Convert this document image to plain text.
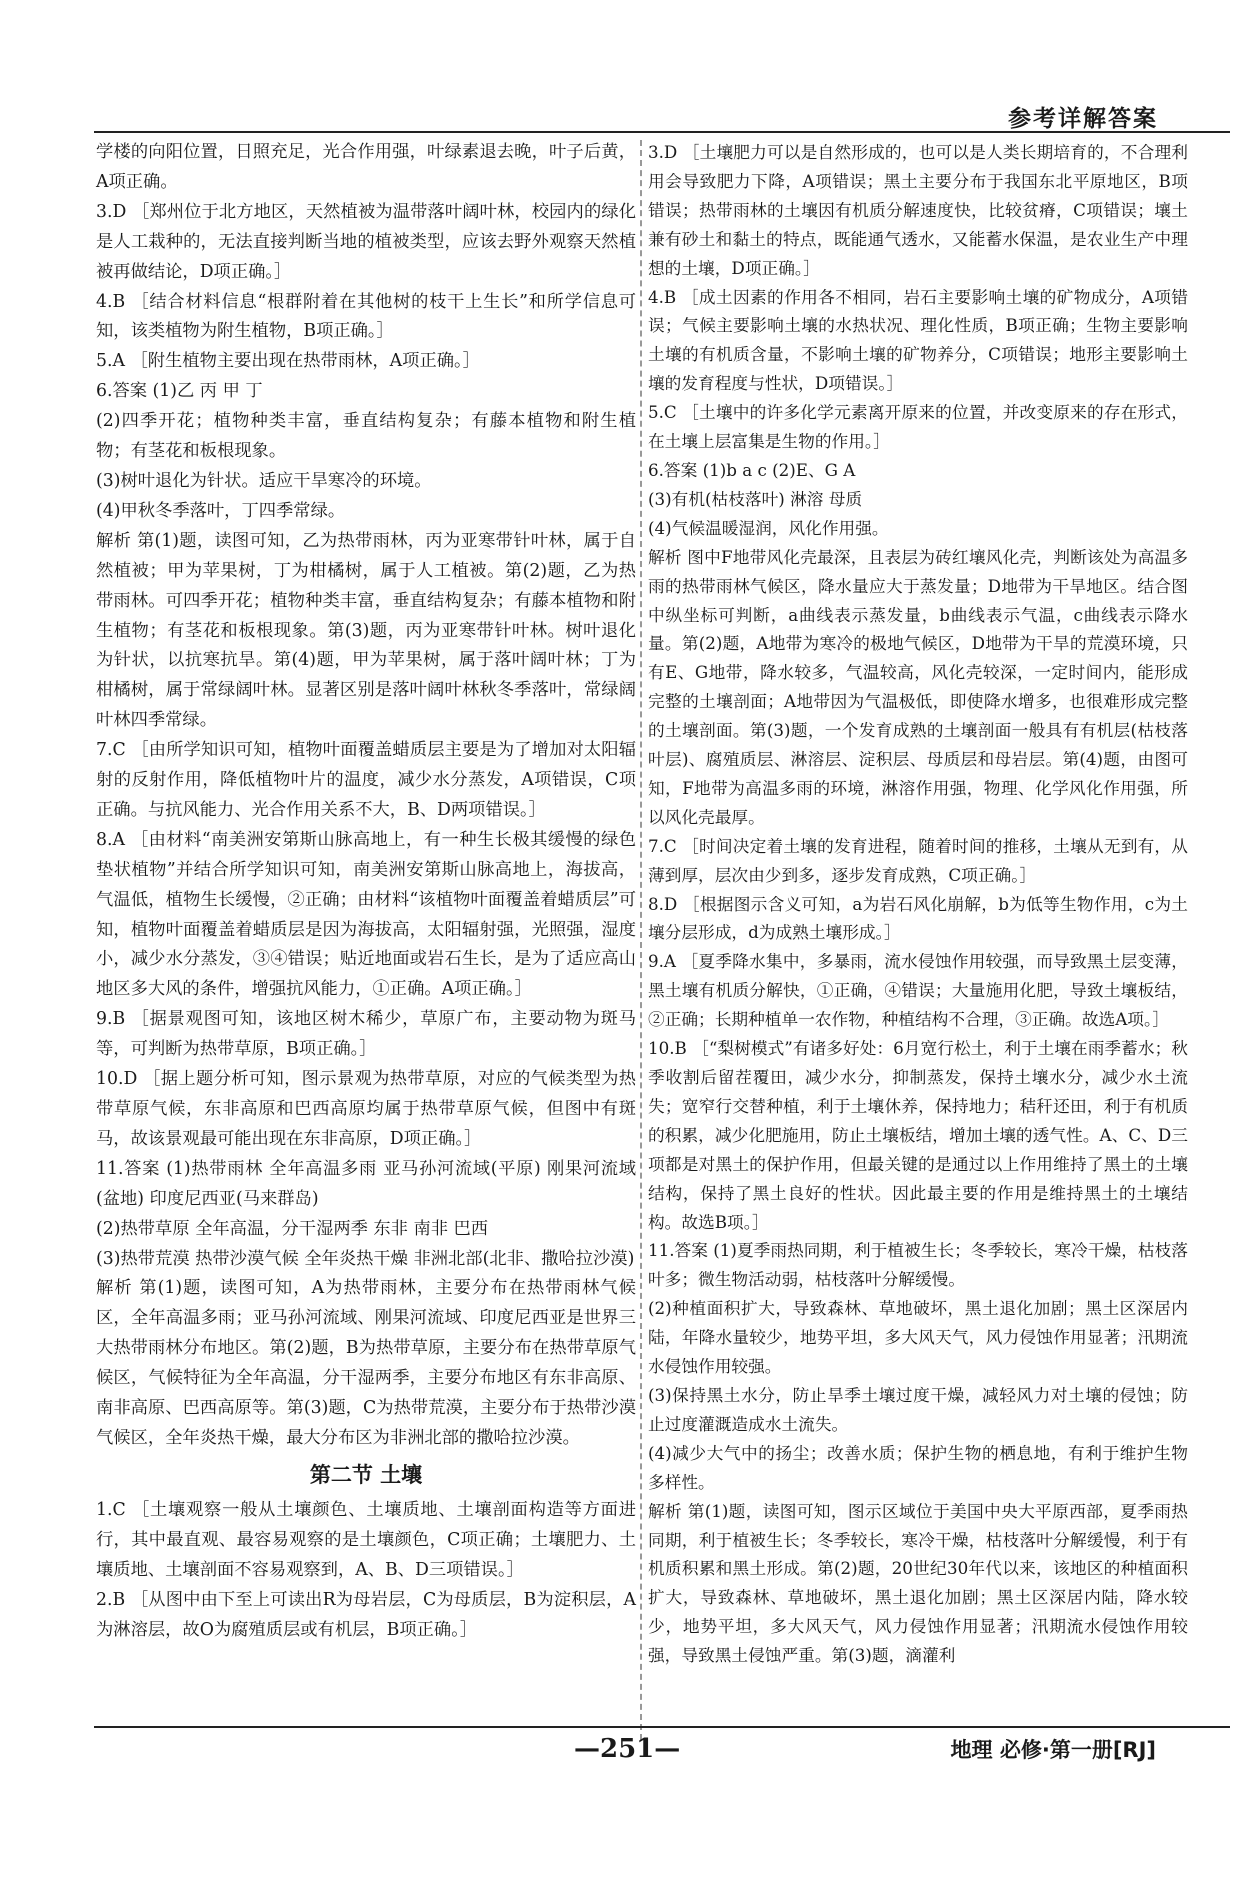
参考详解答案

学楼的向阳位置，日照充足，光合作用强，叶绿素退去晚，叶子后黄，A项正确。

3.D ［郑州位于北方地区，天然植被为温带落叶阔叶林，校园内的绿化是人工栽种的，无法直接判断当地的植被类型，应该去野外观察天然植被再做结论，D项正确。］

4.B ［结合材料信息“根群附着在其他树的枝干上生长”和所学信息可知，该类植物为附生植物，B项正确。］

5.A ［附生植物主要出现在热带雨林，A项正确。］

6.答案 (1)乙 丙 甲 丁

(2)四季开花；植物种类丰富，垂直结构复杂；有藤本植物和附生植物；有茎花和板根现象。

(3)树叶退化为针状。适应干旱寒冷的环境。

(4)甲秋冬季落叶，丁四季常绿。

解析 第(1)题，读图可知，乙为热带雨林，丙为亚寒带针叶林，属于自然植被；甲为苹果树，丁为柑橘树，属于人工植被。第(2)题，乙为热带雨林。可四季开花；植物种类丰富，垂直结构复杂；有藤本植物和附生植物；有茎花和板根现象。第(3)题，丙为亚寒带针叶林。树叶退化为针状，以抗寒抗旱。第(4)题，甲为苹果树，属于落叶阔叶林；丁为柑橘树，属于常绿阔叶林。显著区别是落叶阔叶林秋冬季落叶，常绿阔叶林四季常绿。

7.C ［由所学知识可知，植物叶面覆盖蜡质层主要是为了增加对太阳辐射的反射作用，降低植物叶片的温度，减少水分蒸发，A项错误，C项正确。与抗风能力、光合作用关系不大，B、D两项错误。］

8.A ［由材料“南美洲安第斯山脉高地上，有一种生长极其缓慢的绿色垫状植物”并结合所学知识可知，南美洲安第斯山脉高地上，海拔高，气温低，植物生长缓慢，②正确；由材料“该植物叶面覆盖着蜡质层”可知，植物叶面覆盖着蜡质层是因为海拔高，太阳辐射强，光照强，湿度小，减少水分蒸发，③④错误；贴近地面或岩石生长，是为了适应高山地区多大风的条件，增强抗风能力，①正确。A项正确。］

9.B ［据景观图可知，该地区树木稀少，草原广布，主要动物为斑马等，可判断为热带草原，B项正确。］

10.D ［据上题分析可知，图示景观为热带草原，对应的气候类型为热带草原气候，东非高原和巴西高原均属于热带草原气候，但图中有斑马，故该景观最可能出现在东非高原，D项正确。］

11.答案 (1)热带雨林 全年高温多雨 亚马孙河流域(平原) 刚果河流域(盆地) 印度尼西亚(马来群岛)

(2)热带草原 全年高温，分干湿两季 东非 南非 巴西

(3)热带荒漠 热带沙漠气候 全年炎热干燥 非洲北部(北非、撒哈拉沙漠)

解析 第(1)题，读图可知，A为热带雨林，主要分布在热带雨林气候区，全年高温多雨；亚马孙河流域、刚果河流域、印度尼西亚是世界三大热带雨林分布地区。第(2)题，B为热带草原，主要分布在热带草原气候区，气候特征为全年高温，分干湿两季，主要分布地区有东非高原、南非高原、巴西高原等。第(3)题，C为热带荒漠，主要分布于热带沙漠气候区，全年炎热干燥，最大分布区为非洲北部的撒哈拉沙漠。

第二节 土壤

1.C ［土壤观察一般从土壤颜色、土壤质地、土壤剖面构造等方面进行，其中最直观、最容易观察的是土壤颜色，C项正确；土壤肥力、土壤质地、土壤剖面不容易观察到，A、B、D三项错误。］

2.B ［从图中由下至上可读出R为母岩层，C为母质层，B为淀积层，A为淋溶层，故O为腐殖质层或有机层，B项正确。］

3.D ［土壤肥力可以是自然形成的，也可以是人类长期培育的，不合理利用会导致肥力下降，A项错误；黑土主要分布于我国东北平原地区，B项错误；热带雨林的土壤因有机质分解速度快，比较贫瘠，C项错误；壤土兼有砂土和黏土的特点，既能通气透水，又能蓄水保温，是农业生产中理想的土壤，D项正确。］

4.B ［成土因素的作用各不相同，岩石主要影响土壤的矿物成分，A项错误；气候主要影响土壤的水热状况、理化性质，B项正确；生物主要影响土壤的有机质含量，不影响土壤的矿物养分，C项错误；地形主要影响土壤的发育程度与性状，D项错误。］

5.C ［土壤中的许多化学元素离开原来的位置，并改变原来的存在形式，在土壤上层富集是生物的作用。］

6.答案 (1)b a c (2)E、G A

(3)有机(枯枝落叶) 淋溶 母质

(4)气候温暖湿润，风化作用强。

解析 图中F地带风化壳最深，且表层为砖红壤风化壳，判断该处为高温多雨的热带雨林气候区，降水量应大于蒸发量；D地带为干旱地区。结合图中纵坐标可判断，a曲线表示蒸发量，b曲线表示气温，c曲线表示降水量。第(2)题，A地带为寒冷的极地气候区，D地带为干旱的荒漠环境，只有E、G地带，降水较多，气温较高，风化壳较深，一定时间内，能形成完整的土壤剖面；A地带因为气温极低，即使降水增多，也很难形成完整的土壤剖面。第(3)题，一个发育成熟的土壤剖面一般具有有机层(枯枝落叶层)、腐殖质层、淋溶层、淀积层、母质层和母岩层。第(4)题，由图可知，F地带为高温多雨的环境，淋溶作用强，物理、化学风化作用强，所以风化壳最厚。

7.C ［时间决定着土壤的发育进程，随着时间的推移，土壤从无到有，从薄到厚，层次由少到多，逐步发育成熟，C项正确。］

8.D ［根据图示含义可知，a为岩石风化崩解，b为低等生物作用，c为土壤分层形成，d为成熟土壤形成。］

9.A ［夏季降水集中，多暴雨，流水侵蚀作用较强，而导致黑土层变薄，黑土壤有机质分解快，①正确，④错误；大量施用化肥，导致土壤板结，②正确；长期种植单一农作物，种植结构不合理，③正确。故选A项。］

10.B ［“梨树模式”有诸多好处：6月宽行松土，利于土壤在雨季蓄水；秋季收割后留茬覆田，减少水分，抑制蒸发，保持土壤水分，减少水土流失；宽窄行交替种植，利于土壤休养，保持地力；秸秆还田，利于有机质的积累，减少化肥施用，防止土壤板结，增加土壤的透气性。A、C、D三项都是对黑土的保护作用，但最关键的是通过以上作用维持了黑土的土壤结构，保持了黑土良好的性状。因此最主要的作用是维持黑土的土壤结构。故选B项。］

11.答案 (1)夏季雨热同期，利于植被生长；冬季较长，寒冷干燥，枯枝落叶多；微生物活动弱，枯枝落叶分解缓慢。

(2)种植面积扩大，导致森林、草地破坏，黑土退化加剧；黑土区深居内陆，年降水量较少，地势平坦，多大风天气，风力侵蚀作用显著；汛期流水侵蚀作用较强。

(3)保持黑土水分，防止旱季土壤过度干燥，减轻风力对土壤的侵蚀；防止过度灌溉造成水土流失。

(4)减少大气中的扬尘；改善水质；保护生物的栖息地，有利于维护生物多样性。

解析 第(1)题，读图可知，图示区域位于美国中央大平原西部，夏季雨热同期，利于植被生长；冬季较长，寒冷干燥，枯枝落叶分解缓慢，利于有机质积累和黑土形成。第(2)题，20世纪30年代以来，该地区的种植面积扩大，导致森林、草地破坏，黑土退化加剧；黑土区深居内陆，降水较少，地势平坦，多大风天气，风力侵蚀作用显著；汛期流水侵蚀作用较强，导致黑土侵蚀严重。第(3)题，滴灌利

—251—	地理 必修·第一册[RJ]
